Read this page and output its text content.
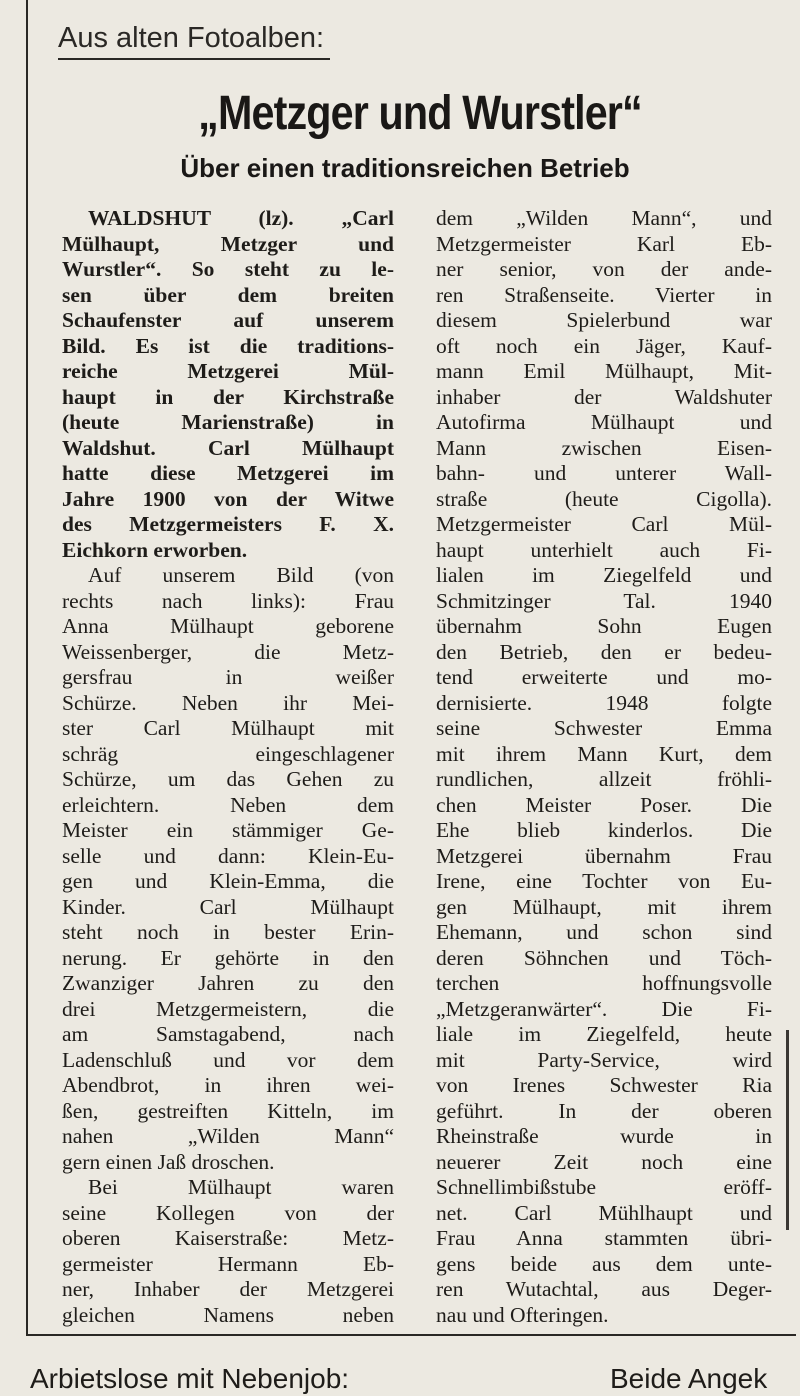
Aus alten Fotoalben:
„Metzger und Wurstler“
Über einen traditionsreichen Betrieb
WALDSHUT (lz). „Carl
Mülhaupt, Metzger und
Wurstler“. So steht zu le-
sen über dem breiten
Schaufenster auf unserem
Bild. Es ist die traditions-
reiche Metzgerei Mül-
haupt in der Kirchstraße
(heute Marienstraße) in
Waldshut. Carl Mülhaupt
hatte diese Metzgerei im
Jahre 1900 von der Witwe
des Metzgermeisters F. X.
Eichkorn erworben.
Auf unserem Bild (von
rechts nach links): Frau
Anna Mülhaupt geborene
Weissenberger, die Metz-
gersfrau in weißer
Schürze. Neben ihr Mei-
ster Carl Mülhaupt mit
schräg eingeschlagener
Schürze, um das Gehen zu
erleichtern. Neben dem
Meister ein stämmiger Ge-
selle und dann: Klein-Eu-
gen und Klein-Emma, die
Kinder. Carl Mülhaupt
steht noch in bester Erin-
nerung. Er gehörte in den
Zwanziger Jahren zu den
drei Metzgermeistern, die
am Samstagabend, nach
Ladenschluß und vor dem
Abendbrot, in ihren wei-
ßen, gestreiften Kitteln, im
nahen „Wilden Mann“
gern einen Jaß droschen.
Bei Mülhaupt waren
seine Kollegen von der
oberen Kaiserstraße: Metz-
germeister Hermann Eb-
ner, Inhaber der Metzgerei
gleichen Namens neben
dem „Wilden Mann“, und
Metzgermeister Karl Eb-
ner senior, von der ande-
ren Straßenseite. Vierter in
diesem Spielerbund war
oft noch ein Jäger, Kauf-
mann Emil Mülhaupt, Mit-
inhaber der Waldshuter
Autofirma Mülhaupt und
Mann zwischen Eisen-
bahn- und unterer Wall-
straße (heute Cigolla).
Metzgermeister Carl Mül-
haupt unterhielt auch Fi-
lialen im Ziegelfeld und
Schmitzinger Tal. 1940
übernahm Sohn Eugen
den Betrieb, den er bedeu-
tend erweiterte und mo-
dernisierte. 1948 folgte
seine Schwester Emma
mit ihrem Mann Kurt, dem
rundlichen, allzeit fröhli-
chen Meister Poser. Die
Ehe blieb kinderlos. Die
Metzgerei übernahm Frau
Irene, eine Tochter von Eu-
gen Mülhaupt, mit ihrem
Ehemann, und schon sind
deren Söhnchen und Töch-
terchen hoffnungsvolle
„Metzgeranwärter“. Die Fi-
liale im Ziegelfeld, heute
mit Party-Service, wird
von Irenes Schwester Ria
geführt. In der oberen
Rheinstraße wurde in
neuerer Zeit noch eine
Schnellimbißstube eröff-
net. Carl Mühlhaupt und
Frau Anna stammten übri-
gens beide aus dem unte-
ren Wutachtal, aus Deger-
nau und Ofteringen.
Arbietslose mit Nebenjob:	Beide Angek
